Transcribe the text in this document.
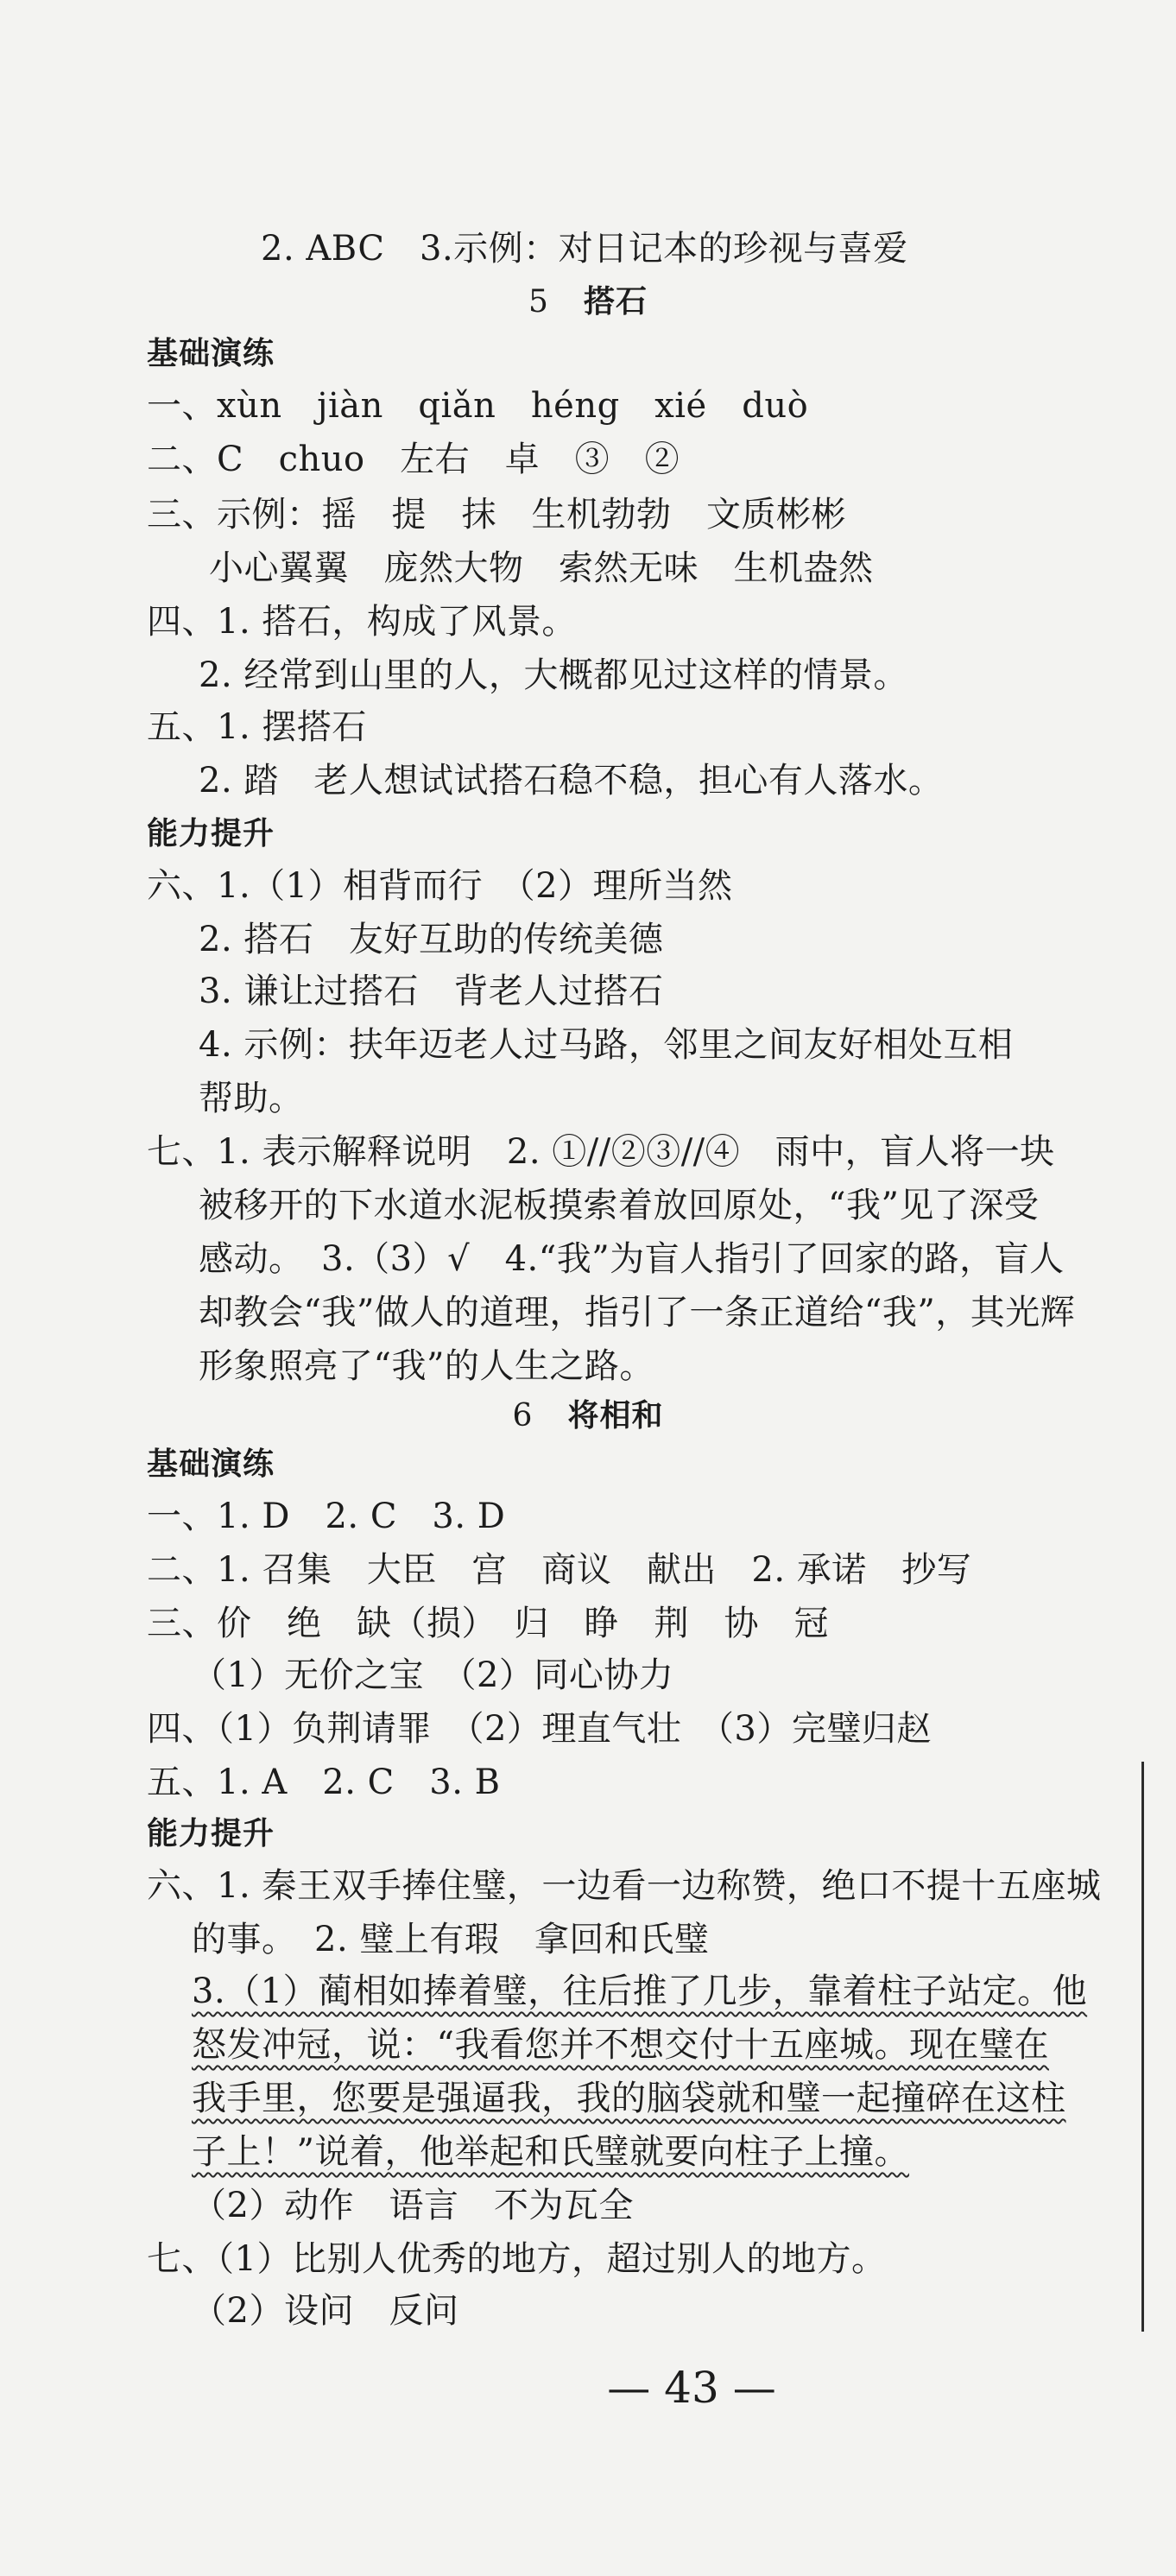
2. ABC　3.示例：对日记本的珍视与喜爱
5 搭石
基础演练
一、xùn　jiàn　qiǎn　héng　xié　duò
二、C　chuo　左右　卓　③　②
三、示例：摇　提　抹　生机勃勃　文质彬彬
小心翼翼　庞然大物　索然无味　生机盎然
四、1. 搭石，构成了风景。
2. 经常到山里的人，大概都见过这样的情景。
五、1. 摆搭石
2. 踏　老人想试试搭石稳不稳，担心有人落水。
能力提升
六、1.（1）相背而行　（2）理所当然
2. 搭石　友好互助的传统美德
3. 谦让过搭石　背老人过搭石
4. 示例：扶年迈老人过马路，邻里之间友好相处互相
帮助。
七、1. 表示解释说明　2. ①//②③//④　雨中，盲人将一块
被移开的下水道水泥板摸索着放回原处，“我”见了深受
感动。　3.（3）√　4.“我”为盲人指引了回家的路，盲人
却教会“我”做人的道理，指引了一条正道给“我”，其光辉
形象照亮了“我”的人生之路。
6 将相和
基础演练
一、1. D　2. C　3. D
二、1. 召集　大臣　宫　商议　献出　2. 承诺　抄写
三、价　绝　缺（损）　归　睁　荆　协　冠
（1）无价之宝　（2）同心协力
四、（1）负荆请罪　（2）理直气壮　（3）完璧归赵
五、1. A　2. C　3. B
能力提升
六、1. 秦王双手捧住璧，一边看一边称赞，绝口不提十五座城
的事。　2. 璧上有瑕　拿回和氏璧
3.（1）蔺相如捧着璧，往后推了几步，靠着柱子站定。他
怒发冲冠，说：“我看您并不想交付十五座城。现在璧在
我手里，您要是强逼我，我的脑袋就和璧一起撞碎在这柱
子上！”说着，他举起和氏璧就要向柱子上撞。
（2）动作　语言　不为瓦全
七、（1）比别人优秀的地方，超过别人的地方。
（2）设问　反问
— 43 —
